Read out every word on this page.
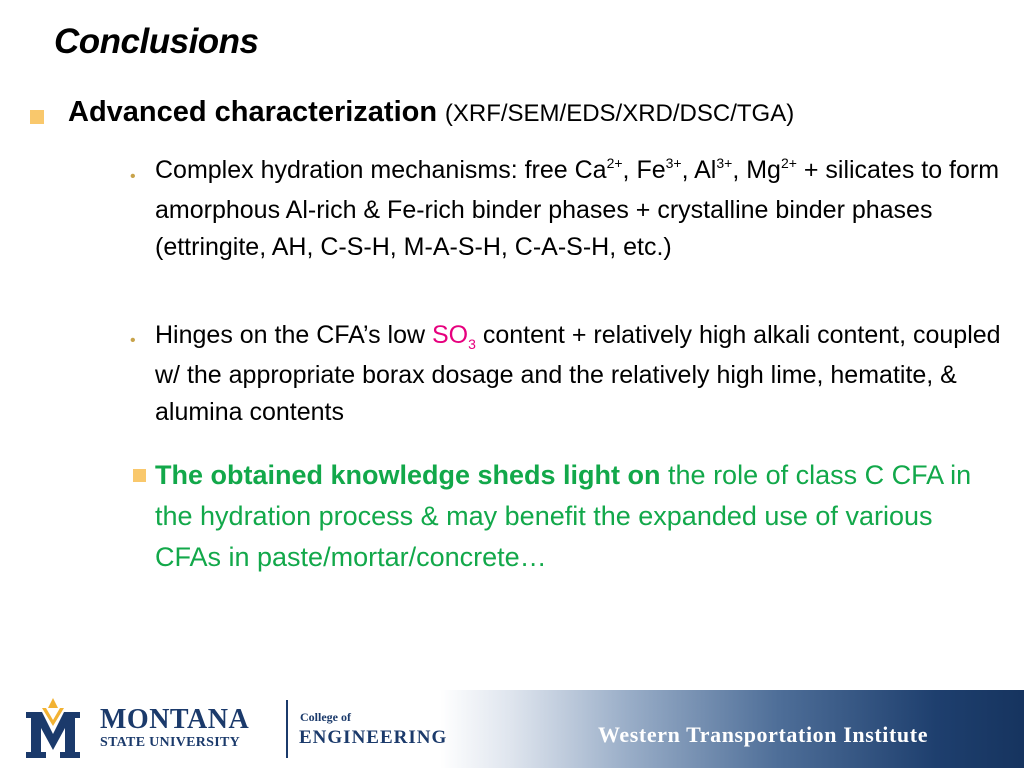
Conclusions
Advanced characterization (XRF/SEM/EDS/XRD/DSC/TGA)
• Complex hydration mechanisms: free $Ca^{2+}$, $Fe^{3+}$, $Al^{3+}$, $Mg^{2+}$ + silicates to form amorphous Al-rich & Fe-rich binder phases + crystalline binder phases (ettringite, AH, C-S-H, M-A-S-H, C-A-S-H, etc.)
• Hinges on the CFA’s low $SO_3$ content + relatively high alkali content, coupled w/ the appropriate borax dosage and the relatively high lime, hematite, & alumina contents
The obtained knowledge sheds light on the role of class C CFA in the hydration process & may benefit the expanded use of various CFAs in paste/mortar/concrete…
MONTANA
STATE UNIVERSITY
College of
ENGINEERING	Western Transportation Institute
